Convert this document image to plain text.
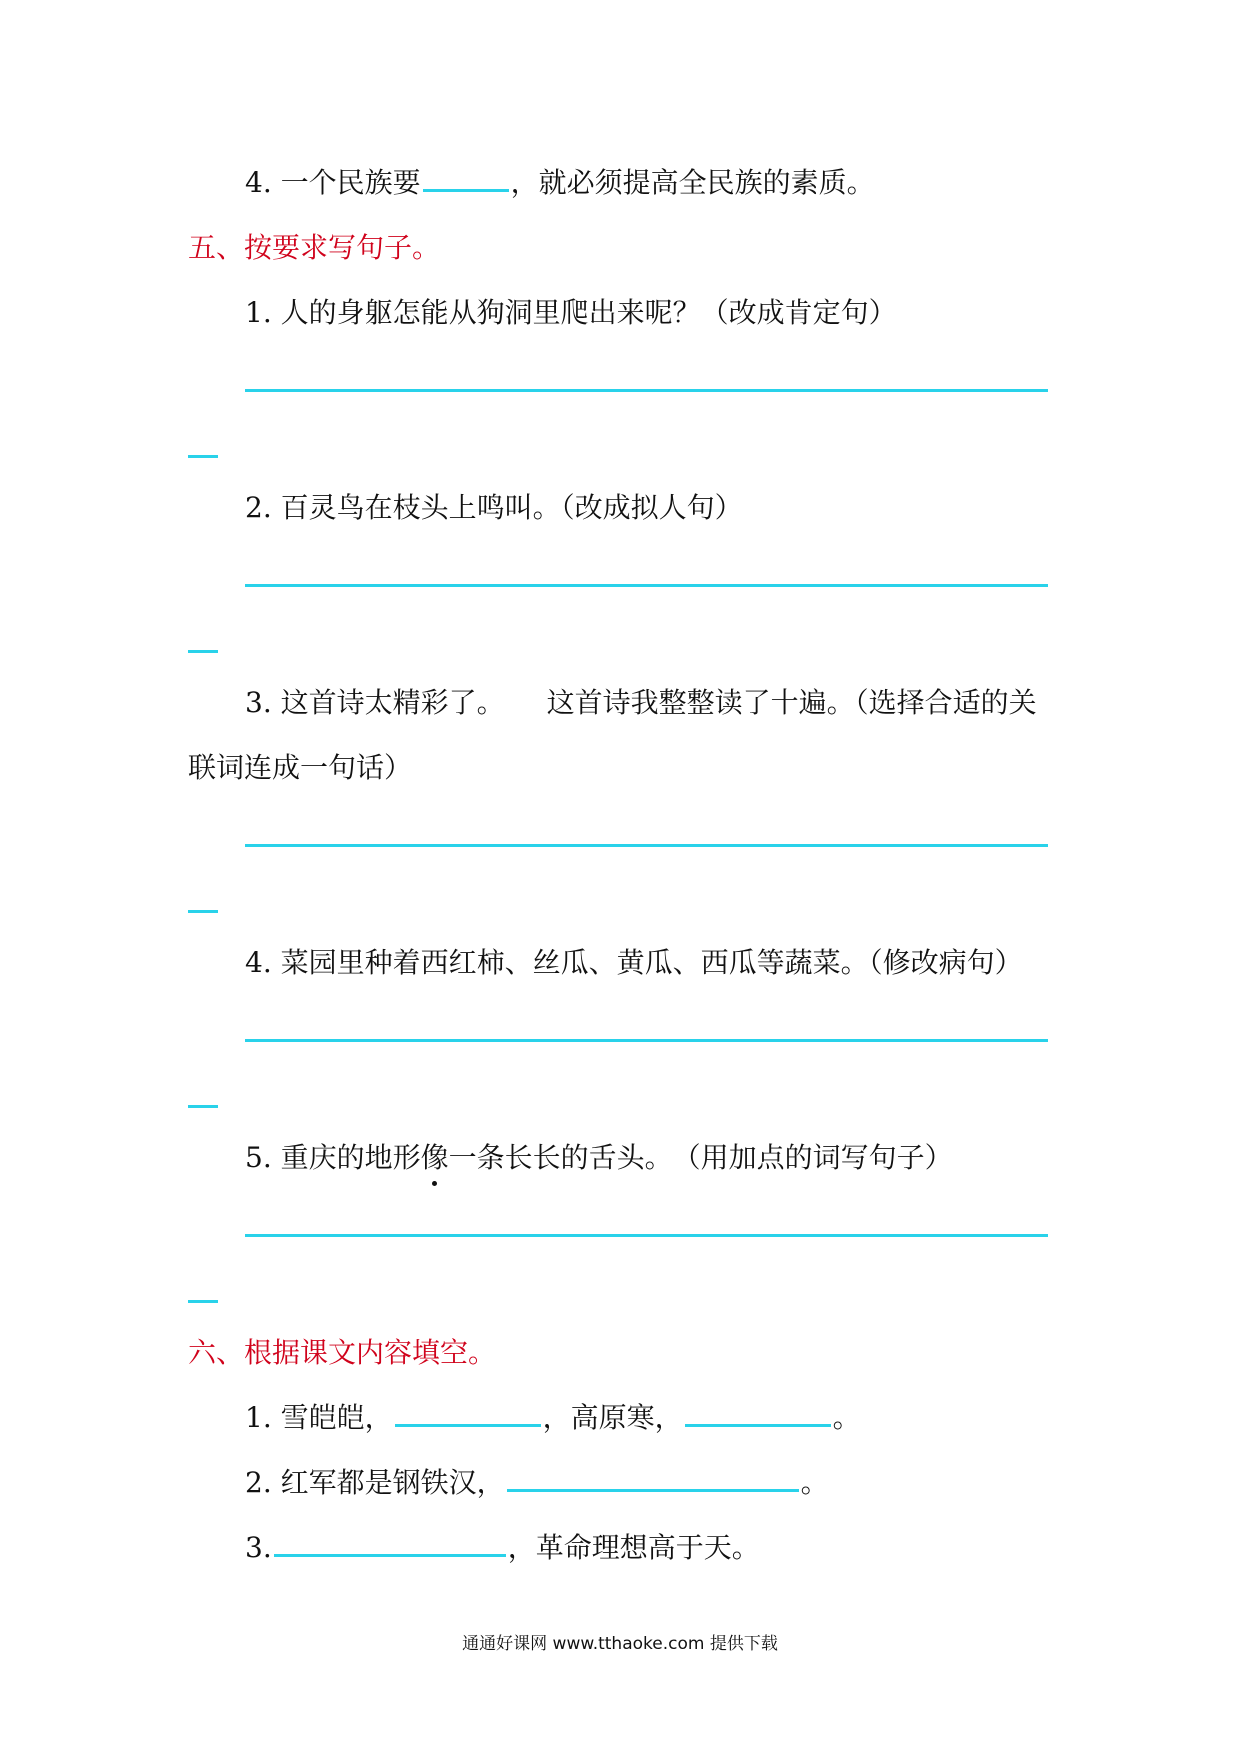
4. 一个民族要	，就必须提高全民族的素质。
五、按要求写句子。
1. 人的身躯怎能从狗洞里爬出来呢？（改成肯定句）
2. 百灵鸟在枝头上鸣叫。（改成拟人句）
3. 这首诗太精彩了。　　这首诗我整整读了十遍。（选择合适的关
联词连成一句话）
4. 菜园里种着西红柿、丝瓜、黄瓜、西瓜等蔬菜。（修改病句）
5. 重庆的地形像一条长长的舌头。　（用加点的词写句子）
六、根据课文内容填空。
1. 雪皑皑，	，高原寒，	。
2. 红军都是钢铁汉，	。
3.	，革命理想高于天。
通通好课网 www.tthaoke.com 提供下载
